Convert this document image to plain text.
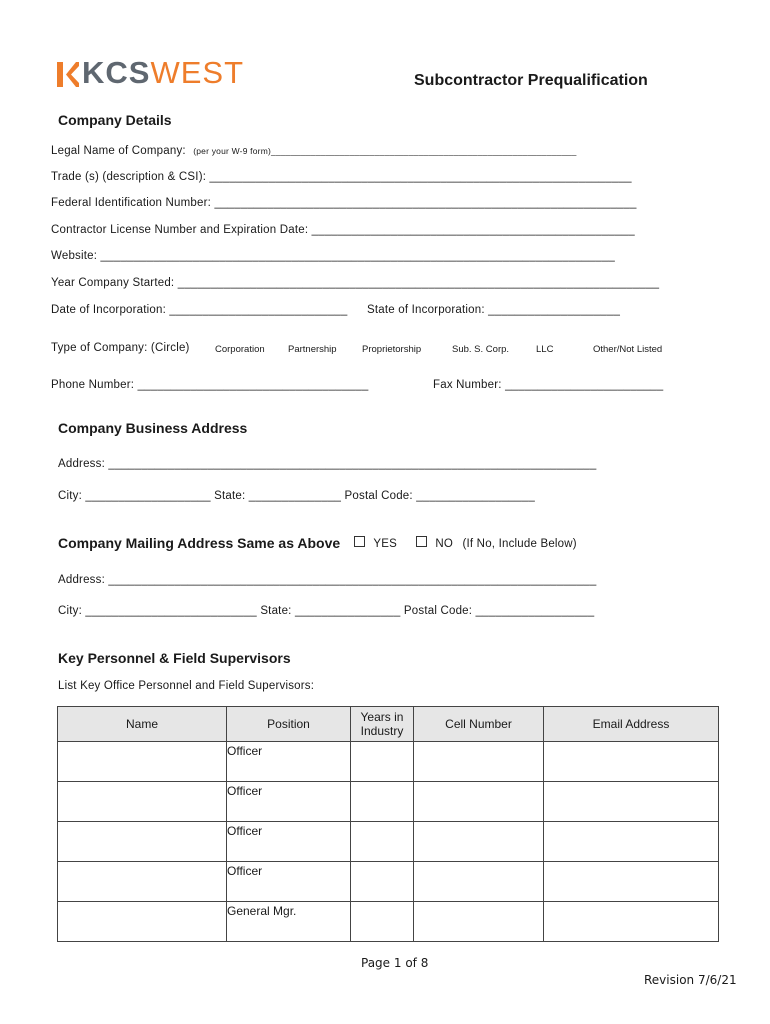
KCSWEST	Subcontractor Prequalification
Company Details
Legal Name of Company: (per your W-9 form)______________________________________________________________
Trade (s) (description & CSI): ________________________________________________________________
Federal Identification Number: ________________________________________________________________
Contractor License Number and Expiration Date: _________________________________________________
Website: ______________________________________________________________________________
Year Company Started: _________________________________________________________________________
Date of Incorporation: ___________________________ State of Incorporation: ____________________
Type of Company: (Circle)	Corporation Partnership	Proprietorship	Sub. S. Corp.	LLC	Other/Not Listed
Phone Number: ___________________________________	Fax Number: ________________________
Company Business Address
Address: __________________________________________________________________________
City: ___________________ State: ______________ Postal Code: __________________
Company Mailing Address Same as Above	YES	NO (If No, Include Below)
Address: __________________________________________________________________________
City: __________________________ State: ________________ Postal Code: __________________
Key Personnel & Field Supervisors
List Key Office Personnel and Field Supervisors:
Name	Position	Years in Industry	Cell Number	Email Address
	Officer			
	Officer			
	Officer			
	Officer			
	General Mgr.			
Page 1 of 8
Revision 7/6/21
